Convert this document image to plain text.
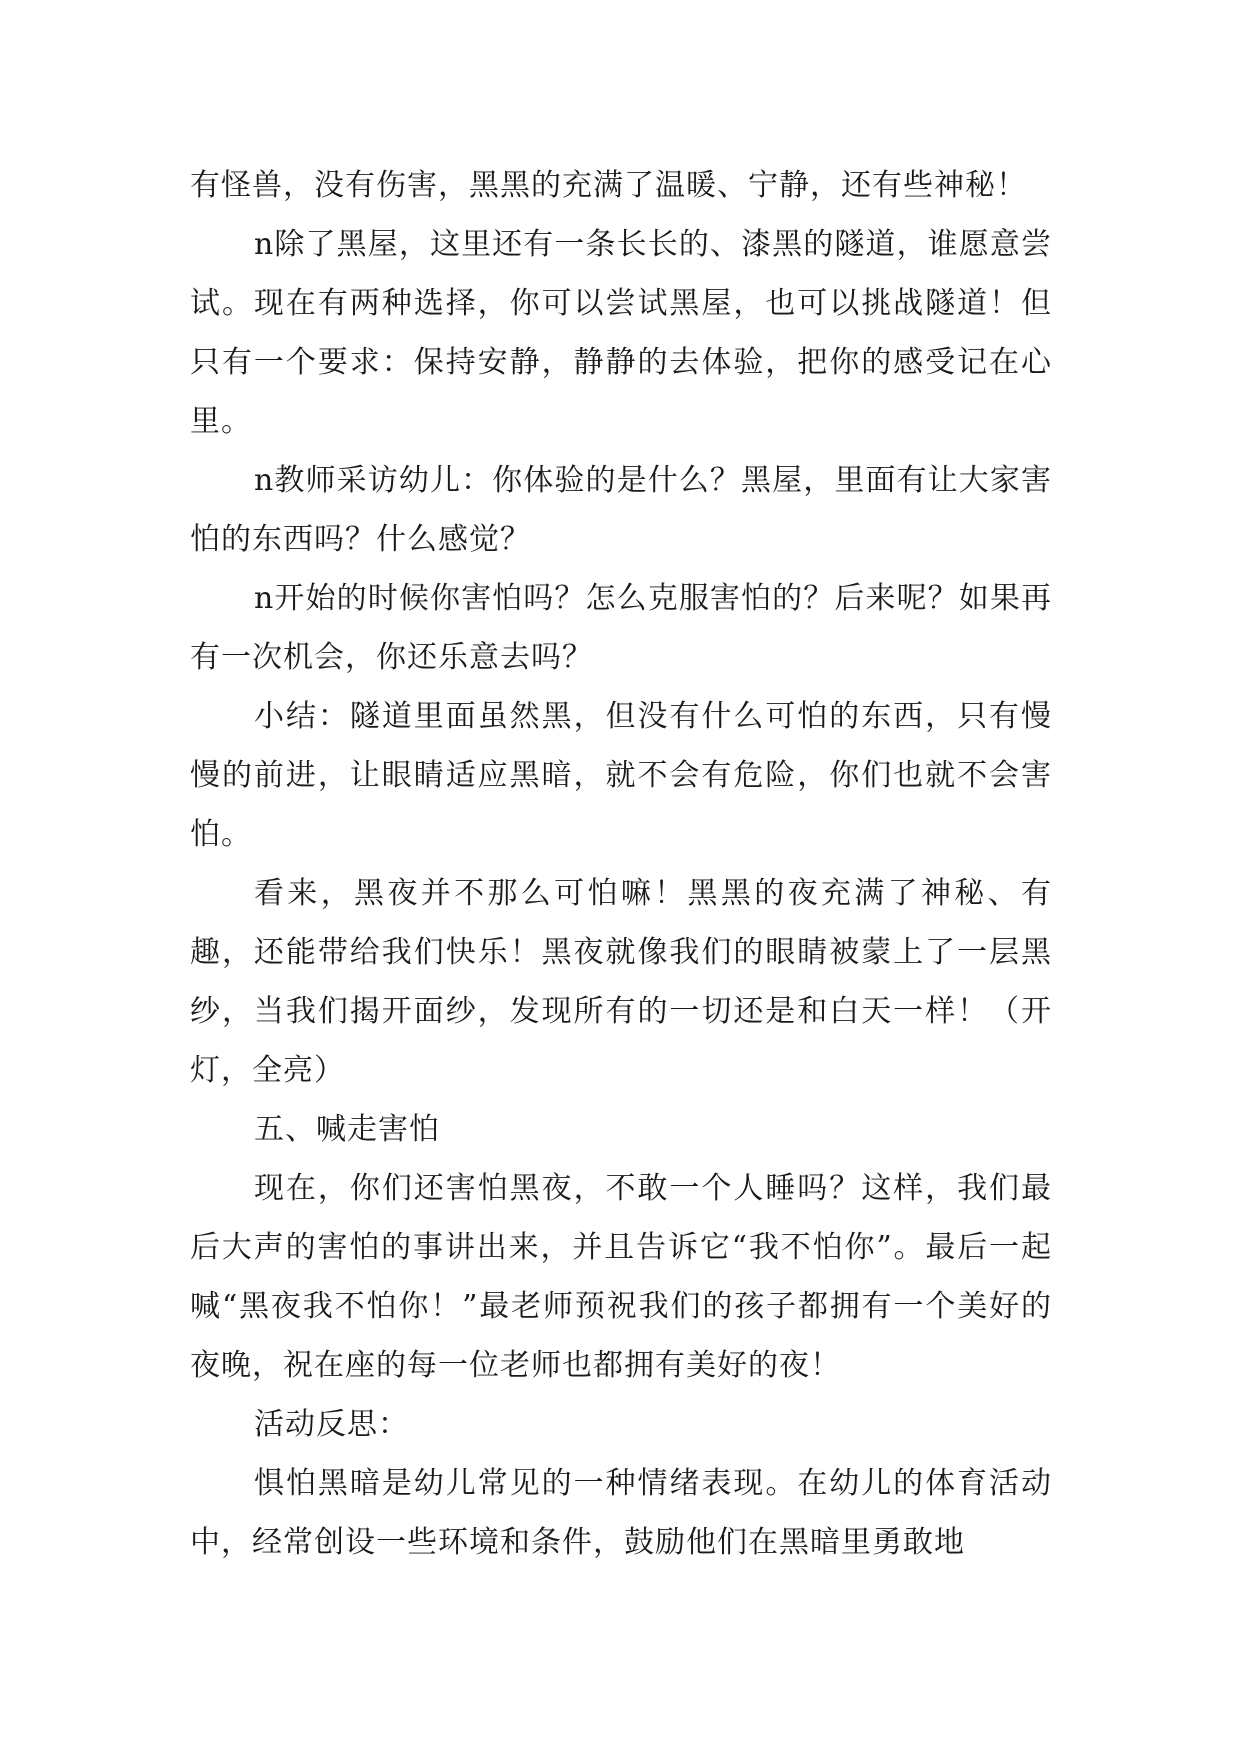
有怪兽，没有伤害，黑黑的充满了温暖、宁静，还有些神秘！

n除了黑屋，这里还有一条长长的、漆黑的隧道，谁愿意尝试。现在有两种选择，你可以尝试黑屋，也可以挑战隧道！但只有一个要求：保持安静，静静的去体验，把你的感受记在心里。

n教师采访幼儿：你体验的是什么？黑屋，里面有让大家害怕的东西吗？什么感觉？

n开始的时候你害怕吗？怎么克服害怕的？后来呢？如果再有一次机会，你还乐意去吗？

小结：隧道里面虽然黑，但没有什么可怕的东西，只有慢慢的前进，让眼睛适应黑暗，就不会有危险，你们也就不会害怕。

看来，黑夜并不那么可怕嘛！黑黑的夜充满了神秘、有趣，还能带给我们快乐！黑夜就像我们的眼睛被蒙上了一层黑纱，当我们揭开面纱，发现所有的一切还是和白天一样！（开灯，全亮）

五、喊走害怕

现在，你们还害怕黑夜，不敢一个人睡吗？这样，我们最后大声的害怕的事讲出来，并且告诉它“我不怕你”。最后一起喊“黑夜我不怕你！”最老师预祝我们的孩子都拥有一个美好的夜晚，祝在座的每一位老师也都拥有美好的夜！

活动反思：

惧怕黑暗是幼儿常见的一种情绪表现。在幼儿的体育活动中，经常创设一些环境和条件，鼓励他们在黑暗里勇敢地
